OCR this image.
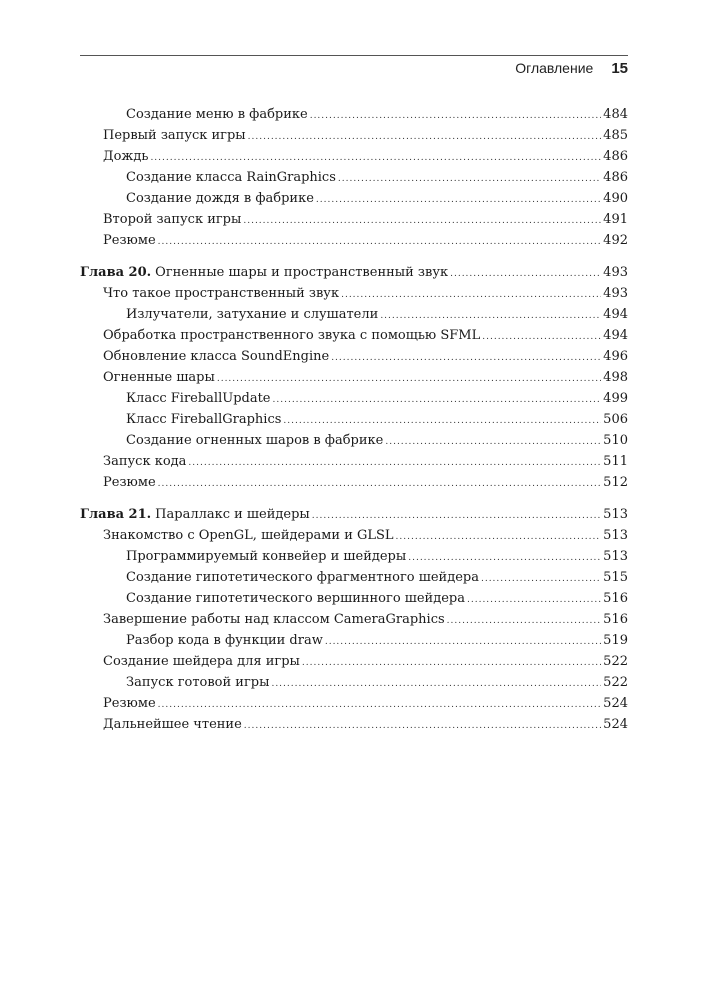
Оглавление 15
Создание меню в фабрике .....	484
Первый запуск игры .....	485
Дождь .....	486
Создание класса RainGraphics .....	486
Создание дождя в фабрике .....	490
Второй запуск игры .....	491
Резюме .....	492
Глава 20. Огненные шары и пространственный звук .....	493
Что такое пространственный звук .....	493
Излучатели, затухание и слушатели .....	494
Обработка пространственного звука с помощью SFML .....	494
Обновление класса SoundEngine .....	496
Огненные шары .....	498
Класс FireballUpdate .....	499
Класс FireballGraphics .....	506
Создание огненных шаров в фабрике .....	510
Запуск кода .....	511
Резюме .....	512
Глава 21. Параллакс и шейдеры .....	513
Знакомство с OpenGL, шейдерами и GLSL .....	513
Программируемый конвейер и шейдеры .....	513
Создание гипотетического фрагментного шейдера .....	515
Создание гипотетического вершинного шейдера .....	516
Завершение работы над классом CameraGraphics .....	516
Разбор кода в функции draw .....	519
Создание шейдера для игры .....	522
Запуск готовой игры .....	522
Резюме .....	524
Дальнейшее чтение .....	524
